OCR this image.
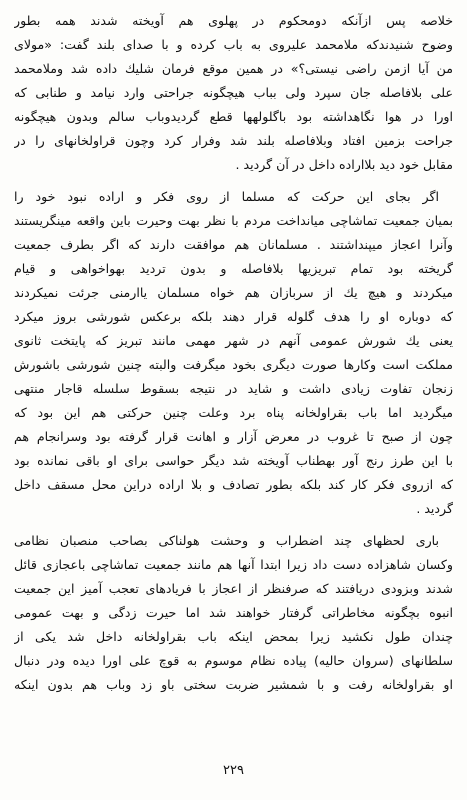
خلاصه پس ازآنکه دومحکوم در پهلوی هم آویخته شدند همه بطور
وضوح شنیدندکه ملامحمد علیروی به باب کرده و با صدای بلند گفت: «مولای
من آیا ازمن راضی نیستی؟» در همین موقع فرمان شلیك داده شد وملامحمد
علی بلافاصله جان سپرد ولی بباب هیچگونه جراحتی وارد نیامد و طنابی که
اورا در هوا نگاهداشته بود باگلولهها قطع گردیدوباب سالم وبدون هیچگونه
جراحت بزمین افتاد وبلافاصله بلند شد وفرار کرد وچون قراولخانهای را در
مقابل خود دید بلااراده داخل در آن گردید .
اگر بجای این حرکت که مسلما از روی فکر و اراده نبود خود را
بمیان جمعیت تماشاچی میانداخت مردم با نظر بهت وحیرت باین واقعه مینگریستند
وآنرا اعجاز میپنداشتند . مسلمانان هم موافقت دارند که اگر بطرف جمعیت
گریخته بود تمام تبریزیها بلافاصله و بدون تردید بهواخواهی و قیام
میکردند و هیچ یك از سربازان هم خواه مسلمان یاارمنی جرئت نمیکردند
که دوباره او را هدف گلوله قرار دهند بلکه برعکس شورشی بروز میکرد
یعنی یك شورش عمومی آنهم در شهر مهمی مانند تبریز که پایتخت ثانوی
مملکت است وکارها صورت دیگری بخود میگرفت والبته چنین شورشی باشورش
زنجان تفاوت زیادی داشت و شاید در نتیجه بسقوط سلسله قاجار منتهی
میگردید اما باب بقراولخانه پناه برد وعلت چنین حرکتی هم این بود که
چون از صبح تا غروب در معرض آزار و اهانت قرار گرفته بود وسرانجام هم
با این طرز رنج آور بهطناب آویخته شد دیگر حواسی برای او باقی نمانده بود
که ازروی فکر کار کند بلکه بطور تصادف و بلا اراده دراین محل مسقف داخل
گردید .
باری لحظهای چند اضطراب و وحشت هولناکی بصاحب منصبان نظامی
وکسان شاهزاده دست داد زیرا ابتدا آنها هم مانند جمعیت تماشاچی باعجازی قائل
شدند وبزودی دریافتند که صرفنظر از اعجاز با فریادهای تعجب آمیز این جمعیت
انبوه بچگونه مخاطراتی گرفتار خواهند شد اما حیرت زدگی و بهت عمومی
چندان طول نکشید زیرا بمحض اینکه باب بقراولخانه داخل شد یکی از
سلطانهای (سروان حالیه) پیاده نظام موسوم به قوچ علی اورا دیده ودر دنبال
او بقراولخانه رفت و با شمشیر ضربت سختی باو زد وباب هم بدون اینکه
۲۲۹
